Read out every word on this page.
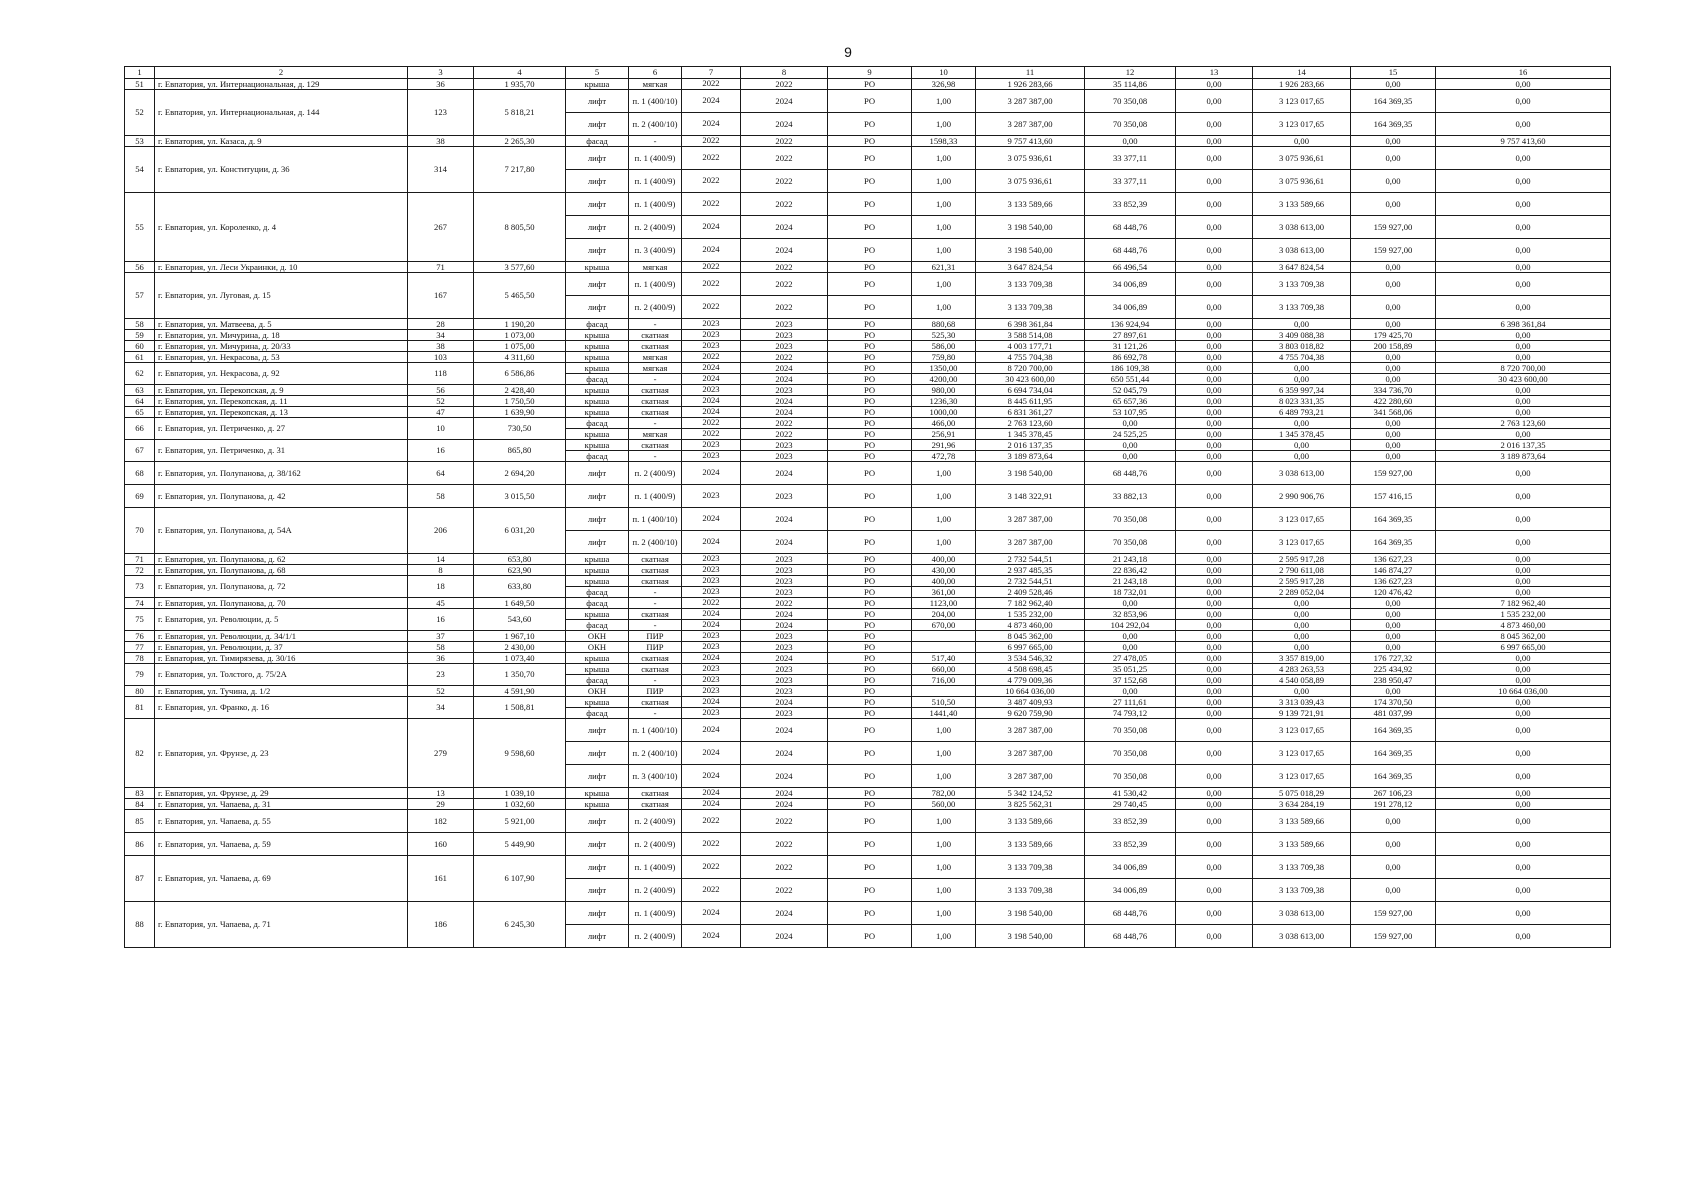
9
1	2	3	4	5	6	7	8	9	10	11	12	13	14	15	16
51	г. Евпатория, ул. Интернациональная, д. 129	36	1 935,70	крыша	мягкая	2022	2022	РО	326,98	1 926 283,66	35 114,86	0,00	1 926 283,66	0,00	0,00
52	г. Евпатория, ул. Интернациональная, д. 144	123	5 818,21	лифт	п. 1 (400/10)	2024	2024	РО	1,00	3 287 387,00	70 350,08	0,00	3 123 017,65	164 369,35	0,00
				лифт	п. 2 (400/10)	2024	2024	РО	1,00	3 287 387,00	70 350,08	0,00	3 123 017,65	164 369,35	0,00
53	г. Евпатория, ул. Казаса, д. 9	38	2 265,30	фасад	-	2022	2022	РО	1598,33	9 757 413,60	0,00	0,00	0,00	0,00	9 757 413,60
54	г. Евпатория, ул. Конституции, д. 36	314	7 217,80	лифт	п. 1 (400/9)	2022	2022	РО	1,00	3 075 936,61	33 377,11	0,00	3 075 936,61	0,00	0,00
				лифт	п. 1 (400/9)	2022	2022	РО	1,00	3 075 936,61	33 377,11	0,00	3 075 936,61	0,00	0,00
55	г. Евпатория, ул. Короленко, д. 4	267	8 805,50	лифт	п. 1 (400/9)	2022	2022	РО	1,00	3 133 589,66	33 852,39	0,00	3 133 589,66	0,00	0,00
				лифт	п. 2 (400/9)	2024	2024	РО	1,00	3 198 540,00	68 448,76	0,00	3 038 613,00	159 927,00	0,00
				лифт	п. 3 (400/9)	2024	2024	РО	1,00	3 198 540,00	68 448,76	0,00	3 038 613,00	159 927,00	0,00
56	г. Евпатория, ул. Леси Украинки, д. 10	71	3 577,60	крыша	мягкая	2022	2022	РО	621,31	3 647 824,54	66 496,54	0,00	3 647 824,54	0,00	0,00
57	г. Евпатория, ул. Луговая, д. 15	167	5 465,50	лифт	п. 1 (400/9)	2022	2022	РО	1,00	3 133 709,38	34 006,89	0,00	3 133 709,38	0,00	0,00
				лифт	п. 2 (400/9)	2022	2022	РО	1,00	3 133 709,38	34 006,89	0,00	3 133 709,38	0,00	0,00
58	г. Евпатория, ул. Матвеева, д. 5	28	1 190,20	фасад	-	2023	2023	РО	880,68	6 398 361,84	136 924,94	0,00	0,00	0,00	6 398 361,84
59	г. Евпатория, ул. Мичурина, д. 18	34	1 073,00	крыша	скатная	2023	2023	РО	525,30	3 588 514,08	27 897,61	0,00	3 409 088,38	179 425,70	0,00
60	г. Евпатория, ул. Мичурина, д. 20/33	38	1 075,00	крыша	скатная	2023	2023	РО	586,00	4 003 177,71	31 121,26	0,00	3 803 018,82	200 158,89	0,00
61	г. Евпатория, ул. Некрасова, д. 53	103	4 311,60	крыша	мягкая	2022	2022	РО	759,80	4 755 704,38	86 692,78	0,00	4 755 704,38	0,00	0,00
62	г. Евпатория, ул. Некрасова, д. 92	118	6 586,86	крыша	мягкая	2024	2024	РО	1350,00	8 720 700,00	186 109,38	0,00	0,00	0,00	8 720 700,00
				фасад	-	2024	2024	РО	4200,00	30 423 600,00	650 551,44	0,00	0,00	0,00	30 423 600,00
63	г. Евпатория, ул. Перекопская, д. 9	56	2 428,40	крыша	скатная	2023	2023	РО	980,00	6 694 734,04	52 045,79	0,00	6 359 997,34	334 736,70	0,00
64	г. Евпатория, ул. Перекопская, д. 11	52	1 750,50	крыша	скатная	2024	2024	РО	1236,30	8 445 611,95	65 657,36	0,00	8 023 331,35	422 280,60	0,00
65	г. Евпатория, ул. Перекопская, д. 13	47	1 639,90	крыша	скатная	2024	2024	РО	1000,00	6 831 361,27	53 107,95	0,00	6 489 793,21	341 568,06	0,00
66	г. Евпатория, ул. Петриченко, д. 27	10	730,50	фасад	-	2022	2022	РО	466,00	2 763 123,60	0,00	0,00	0,00	0,00	2 763 123,60
				крыша	мягкая	2022	2022	РО	256,91	1 345 378,45	24 525,25	0,00	1 345 378,45	0,00	0,00
67	г. Евпатория, ул. Петриченко, д. 31	16	865,80	крыша	скатная	2023	2023	РО	291,96	2 016 137,35	0,00	0,00	0,00	0,00	2 016 137,35
				фасад	-	2023	2023	РО	472,78	3 189 873,64	0,00	0,00	0,00	0,00	3 189 873,64
68	г. Евпатория, ул. Полупанова, д. 38/162	64	2 694,20	лифт	п. 2 (400/9)	2024	2024	РО	1,00	3 198 540,00	68 448,76	0,00	3 038 613,00	159 927,00	0,00
69	г. Евпатория, ул. Полупанова, д. 42	58	3 015,50	лифт	п. 1 (400/9)	2023	2023	РО	1,00	3 148 322,91	33 882,13	0,00	2 990 906,76	157 416,15	0,00
70	г. Евпатория, ул. Полупанова, д. 54А	206	6 031,20	лифт	п. 1 (400/10)	2024	2024	РО	1,00	3 287 387,00	70 350,08	0,00	3 123 017,65	164 369,35	0,00
				лифт	п. 2 (400/10)	2024	2024	РО	1,00	3 287 387,00	70 350,08	0,00	3 123 017,65	164 369,35	0,00
71	г. Евпатория, ул. Полупанова, д. 62	14	653,80	крыша	скатная	2023	2023	РО	400,00	2 732 544,51	21 243,18	0,00	2 595 917,28	136 627,23	0,00
72	г. Евпатория, ул. Полупанова, д. 68	8	623,90	крыша	скатная	2023	2023	РО	430,00	2 937 485,35	22 836,42	0,00	2 790 611,08	146 874,27	0,00
73	г. Евпатория, ул. Полупанова, д. 72	18	633,80	крыша	скатная	2023	2023	РО	400,00	2 732 544,51	21 243,18	0,00	2 595 917,28	136 627,23	0,00
				фасад	-	2023	2023	РО	361,00	2 409 528,46	18 732,01	0,00	2 289 052,04	120 476,42	0,00
74	г. Евпатория, ул. Полупанова, д. 70	45	1 649,50	фасад	-	2022	2022	РО	1123,00	7 182 962,40	0,00	0,00	0,00	0,00	7 182 962,40
75	г. Евпатория, ул. Революции, д. 5	16	543,60	крыша	скатная	2024	2024	РО	204,00	1 535 232,00	32 853,96	0,00	0,00	0,00	1 535 232,00
				фасад	-	2024	2024	РО	670,00	4 873 460,00	104 292,04	0,00	0,00	0,00	4 873 460,00
76	г. Евпатория, ул. Революции, д. 34/1/1	37	1 967,10	ОКН	ПИР	2023	2023	РО		8 045 362,00	0,00	0,00	0,00	0,00	8 045 362,00
77	г. Евпатория, ул. Революции, д. 37	58	2 430,00	ОКН	ПИР	2023	2023	РО		6 997 665,00	0,00	0,00	0,00	0,00	6 997 665,00
78	г. Евпатория, ул. Тимирязева, д. 30/16	36	1 073,40	крыша	скатная	2024	2024	РО	517,40	3 534 546,32	27 478,05	0,00	3 357 819,00	176 727,32	0,00
79	г. Евпатория, ул. Толстого, д. 75/2А	23	1 350,70	крыша	скатная	2023	2023	РО	660,00	4 508 698,45	35 051,25	0,00	4 283 263,53	225 434,92	0,00
				фасад	-	2023	2023	РО	716,00	4 779 009,36	37 152,68	0,00	4 540 058,89	238 950,47	0,00
80	г. Евпатория, ул. Тучина, д. 1/2	52	4 591,90	ОКН	ПИР	2023	2023	РО		10 664 036,00	0,00	0,00	0,00	0,00	10 664 036,00
81	г. Евпатория, ул. Франко, д. 16	34	1 508,81	крыша	скатная	2024	2024	РО	510,50	3 487 409,93	27 111,61	0,00	3 313 039,43	174 370,50	0,00
				фасад	-	2023	2023	РО	1441,40	9 620 759,90	74 793,12	0,00	9 139 721,91	481 037,99	0,00
82	г. Евпатория, ул. Фрунзе, д. 23	279	9 598,60	лифт	п. 1 (400/10)	2024	2024	РО	1,00	3 287 387,00	70 350,08	0,00	3 123 017,65	164 369,35	0,00
				лифт	п. 2 (400/10)	2024	2024	РО	1,00	3 287 387,00	70 350,08	0,00	3 123 017,65	164 369,35	0,00
				лифт	п. 3 (400/10)	2024	2024	РО	1,00	3 287 387,00	70 350,08	0,00	3 123 017,65	164 369,35	0,00
83	г. Евпатория, ул. Фрунзе, д. 29	13	1 039,10	крыша	скатная	2024	2024	РО	782,00	5 342 124,52	41 530,42	0,00	5 075 018,29	267 106,23	0,00
84	г. Евпатория, ул. Чапаева, д. 31	29	1 032,60	крыша	скатная	2024	2024	РО	560,00	3 825 562,31	29 740,45	0,00	3 634 284,19	191 278,12	0,00
85	г. Евпатория, ул. Чапаева, д. 55	182	5 921,00	лифт	п. 2 (400/9)	2022	2022	РО	1,00	3 133 589,66	33 852,39	0,00	3 133 589,66	0,00	0,00
86	г. Евпатория, ул. Чапаева, д. 59	160	5 449,90	лифт	п. 2 (400/9)	2022	2022	РО	1,00	3 133 589,66	33 852,39	0,00	3 133 589,66	0,00	0,00
87	г. Евпатория, ул. Чапаева, д. 69	161	6 107,90	лифт	п. 1 (400/9)	2022	2022	РО	1,00	3 133 709,38	34 006,89	0,00	3 133 709,38	0,00	0,00
				лифт	п. 2 (400/9)	2022	2022	РО	1,00	3 133 709,38	34 006,89	0,00	3 133 709,38	0,00	0,00
88	г. Евпатория, ул. Чапаева, д. 71	186	6 245,30	лифт	п. 1 (400/9)	2024	2024	РО	1,00	3 198 540,00	68 448,76	0,00	3 038 613,00	159 927,00	0,00
				лифт	п. 2 (400/9)	2024	2024	РО	1,00	3 198 540,00	68 448,76	0,00	3 038 613,00	159 927,00	0,00
